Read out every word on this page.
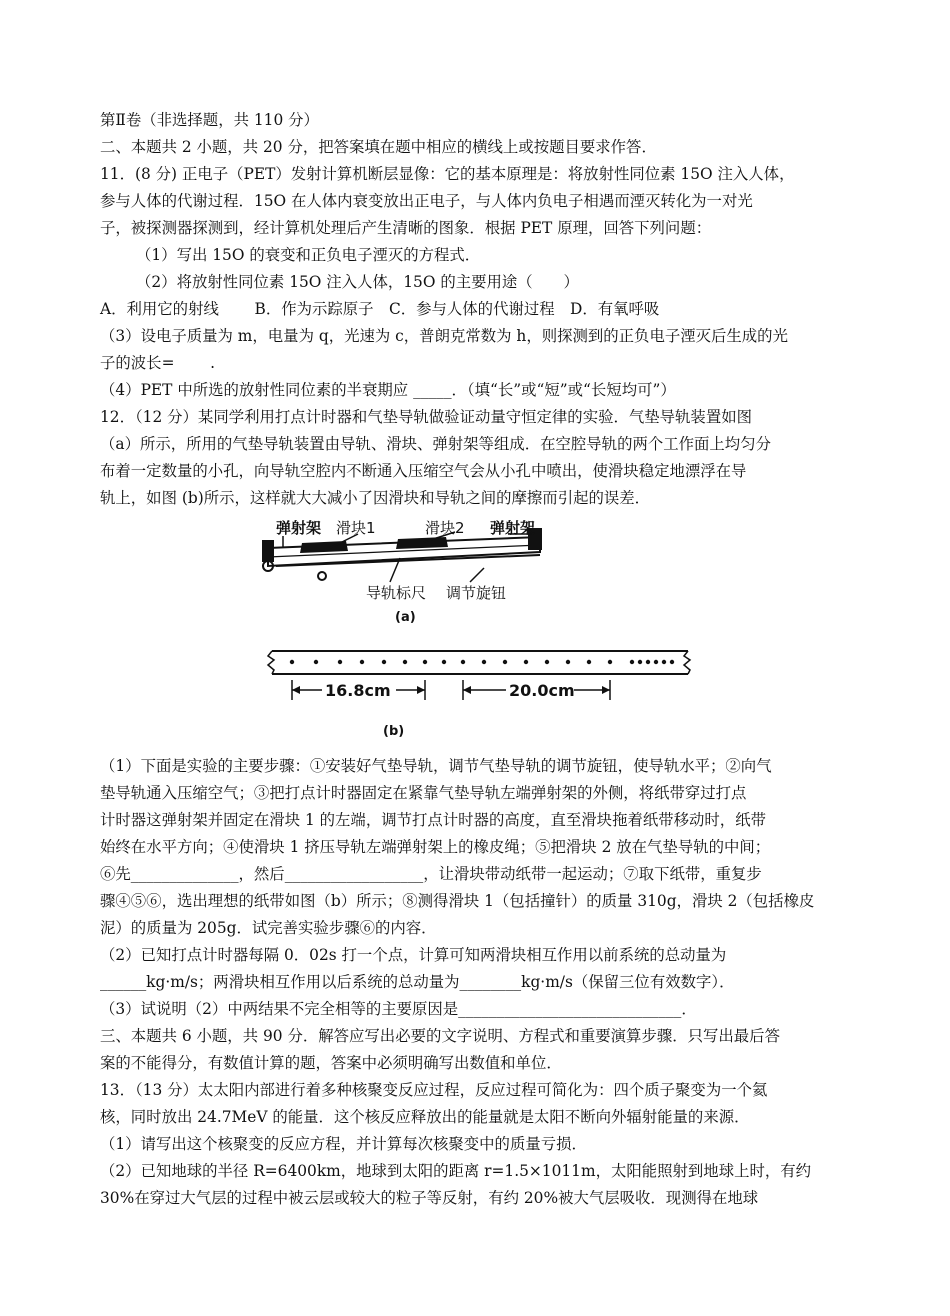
第Ⅱ卷（非选择题，共 110 分）
二、本题共 2 小题，共 20 分，把答案填在题中相应的横线上或按题目要求作答．
11．(8 分) 正电子（PET）发射计算机断层显像：它的基本原理是：将放射性同位素 15O 注入人体，
参与人体的代谢过程．15O 在人体内衰变放出正电子，与人体内负电子相遇而湮灭转化为一对光
子，被探测器探测到，经计算机处理后产生清晰的图象．根据 PET 原理，回答下列问题：
（1）写出 15O 的衰变和正负电子湮灭的方程式．
（2）将放射性同位素 15O 注入人体，15O 的主要用途（　　）
A．利用它的射线　　 B．作为示踪原子　C．参与人体的代谢过程　D．有氧呼吸
（3）设电子质量为 m，电量为 q，光速为 c，普朗克常数为 h，则探测到的正负电子湮灭后生成的光
子的波长=　　 .
（4）PET 中所选的放射性同位素的半衰期应 _____．（填“长”或“短”或“长短均可”）
12．（12 分）某同学利用打点计时器和气垫导轨做验证动量守恒定律的实验．气垫导轨装置如图
（a）所示，所用的气垫导轨装置由导轨、滑块、弹射架等组成．在空腔导轨的两个工作面上均匀分
布着一定数量的小孔，向导轨空腔内不断通入压缩空气会从小孔中喷出，使滑块稳定地漂浮在导
轨上，如图 (b)所示，这样就大大减小了因滑块和导轨之间的摩擦而引起的误差．
弹射架 滑块1	滑块2 弹射架
导轨标尺 调节旋钮
(a)
16.8cm	20.0cm
(b)
（1）下面是实验的主要步骤：①安装好气垫导轨，调节气垫导轨的调节旋钮，使导轨水平；②向气
垫导轨通入压缩空气；③把打点计时器固定在紧靠气垫导轨左端弹射架的外侧，将纸带穿过打点
计时器这弹射架并固定在滑块 1 的左端，调节打点计时器的高度，直至滑块拖着纸带移动时，纸带
始终在水平方向；④使滑块 1 挤压导轨左端弹射架上的橡皮绳；⑤把滑块 2 放在气垫导轨的中间；
⑥先______________，然后__________________，让滑块带动纸带一起运动；⑦取下纸带，重复步
骤④⑤⑥，选出理想的纸带如图（b）所示；⑧测得滑块 1（包括撞针）的质量 310g，滑块 2（包括橡皮
泥）的质量为 205g．试完善实验步骤⑥的内容．
（2）已知打点计时器每隔 0．02s 打一个点，计算可知两滑块相互作用以前系统的总动量为
______kg·m/s；两滑块相互作用以后系统的总动量为________kg·m/s（保留三位有效数字）．
（3）试说明（2）中两结果不完全相等的主要原因是_____________________________．
三、本题共 6 小题，共 90 分．解答应写出必要的文字说明、方程式和重要演算步骤．只写出最后答
案的不能得分，有数值计算的题，答案中必须明确写出数值和单位．
13．（13 分）太太阳内部进行着多种核聚变反应过程，反应过程可简化为：四个质子聚变为一个氦
核，同时放出 24.7MeV 的能量．这个核反应释放出的能量就是太阳不断向外辐射能量的来源．
（1）请写出这个核聚变的反应方程，并计算每次核聚变中的质量亏损．
（2）已知地球的半径 R=6400km，地球到太阳的距离 r=1.5×1011m，太阳能照射到地球上时，有约
30%在穿过大气层的过程中被云层或较大的粒子等反射，有约 20%被大气层吸收．现测得在地球
